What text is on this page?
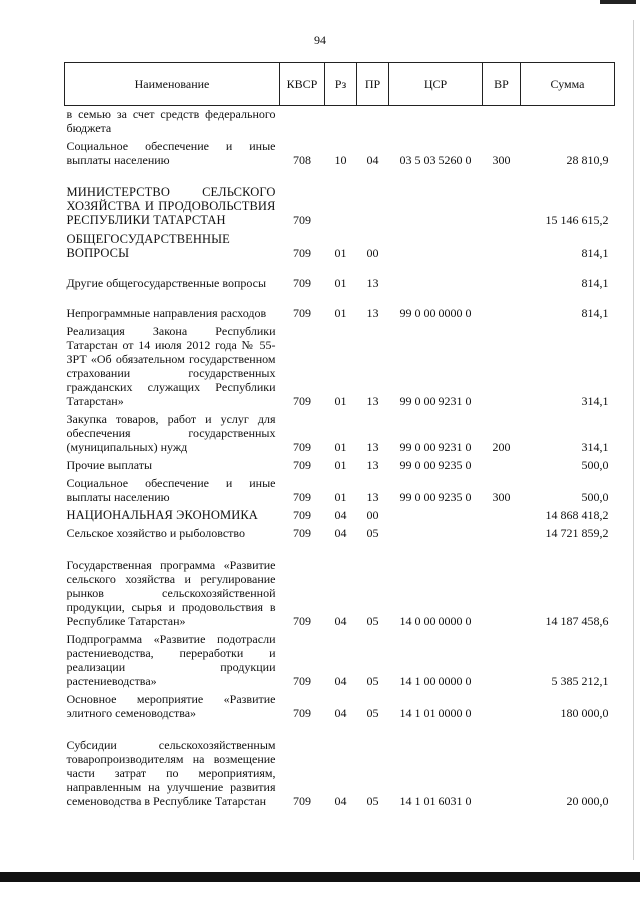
94
Наименование	КВСР	Рз	ПР	ЦСР	ВР	Сумма
в семью за счет средств федерального бюджета						
Социальное обеспечение и иные выплаты населению	708	10	04	03 5 03 5260 0	300	28 810,9
МИНИСТЕРСТВО СЕЛЬСКОГО ХОЗЯЙСТВА И ПРОДОВОЛЬСТВИЯ РЕСПУБЛИКИ ТАТАРСТАН	709					15 146 615,2
ОБЩЕГОСУДАРСТВЕННЫЕ ВОПРОСЫ	709	01	00			814,1
Другие общегосударственные вопросы	709	01	13			814,1
Непрограммные направления расходов	709	01	13	99 0 00 0000 0		814,1
Реализация Закона Республики Татарстан от 14 июля 2012 года № 55-ЗРТ «Об обязательном государственном страховании государственных гражданских служащих Республики Татарстан»	709	01	13	99 0 00 9231 0		314,1
Закупка товаров, работ и услуг для обеспечения государственных (муниципальных) нужд	709	01	13	99 0 00 9231 0	200	314,1
Прочие выплаты	709	01	13	99 0 00 9235 0		500,0
Социальное обеспечение и иные выплаты населению	709	01	13	99 0 00 9235 0	300	500,0
НАЦИОНАЛЬНАЯ ЭКОНОМИКА	709	04	00			14 868 418,2
Сельское хозяйство и рыболовство	709	04	05			14 721 859,2
Государственная программа «Развитие сельского хозяйства и регулирование рынков сельскохозяйственной продукции, сырья и продовольствия в Республике Татарстан»	709	04	05	14 0 00 0000 0		14 187 458,6
Подпрограмма «Развитие подотрасли растениеводства, переработки и реализации продукции растениеводства»	709	04	05	14 1 00 0000 0		5 385 212,1
Основное мероприятие «Развитие элитного семеноводства»	709	04	05	14 1 01 0000 0		180 000,0
Субсидии сельскохозяйственным товаропроизводителям на возмещение части затрат по мероприятиям, направленным на улучшение развития семеноводства в Республике Татарстан	709	04	05	14 1 01 6031 0		20 000,0
